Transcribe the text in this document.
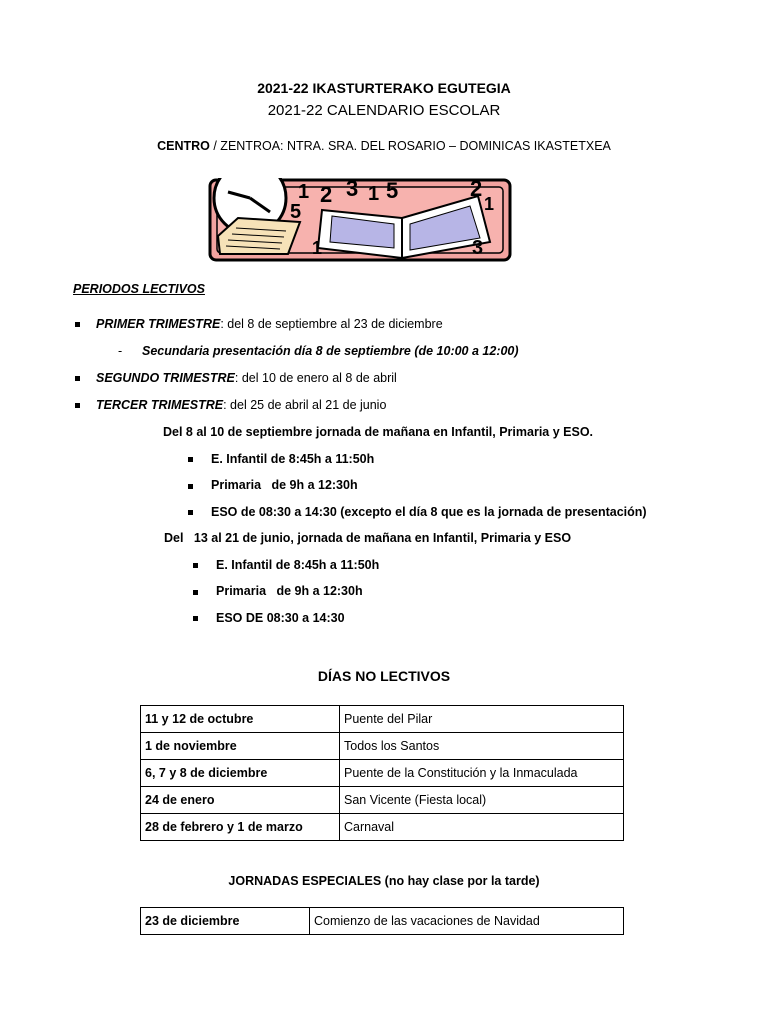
2021-22 IKASTURTERAKO EGUTEGIA
2021-22 CALENDARIO ESCOLAR
CENTRO / ZENTROA: NTRA. SRA. DEL ROSARIO – DOMINICAS IKASTETXEA
1 2 3 1 5
5
2
1
1	3
PERIODOS LECTIVOS
PRIMER TRIMESTRE: del 8 de septiembre al 23 de diciembre
- Secundaria presentación día 8 de septiembre (de 10:00 a 12:00)
SEGUNDO TRIMESTRE: del 10 de enero al 8 de abril
TERCER TRIMESTRE: del 25 de abril al 21 de junio
Del 8 al 10 de septiembre jornada de mañana en Infantil, Primaria y ESO.
E. Infantil de 8:45h a 11:50h
Primaria   de 9h a 12:30h
ESO de 08:30 a 14:30 (excepto el día 8 que es la jornada de presentación)
Del   13 al 21 de junio, jornada de mañana en Infantil, Primaria y ESO
E. Infantil de 8:45h a 11:50h
Primaria   de 9h a 12:30h
ESO DE 08:30 a 14:30
DÍAS NO LECTIVOS
11 y 12 de octubre	Puente del Pilar
1 de noviembre	Todos los Santos
6, 7 y 8 de diciembre	Puente de la Constitución y la Inmaculada
24 de enero	San Vicente (Fiesta local)
28 de febrero y 1 de marzo	Carnaval
JORNADAS ESPECIALES (no hay clase por la tarde)
23 de diciembre	Comienzo de las vacaciones de Navidad
